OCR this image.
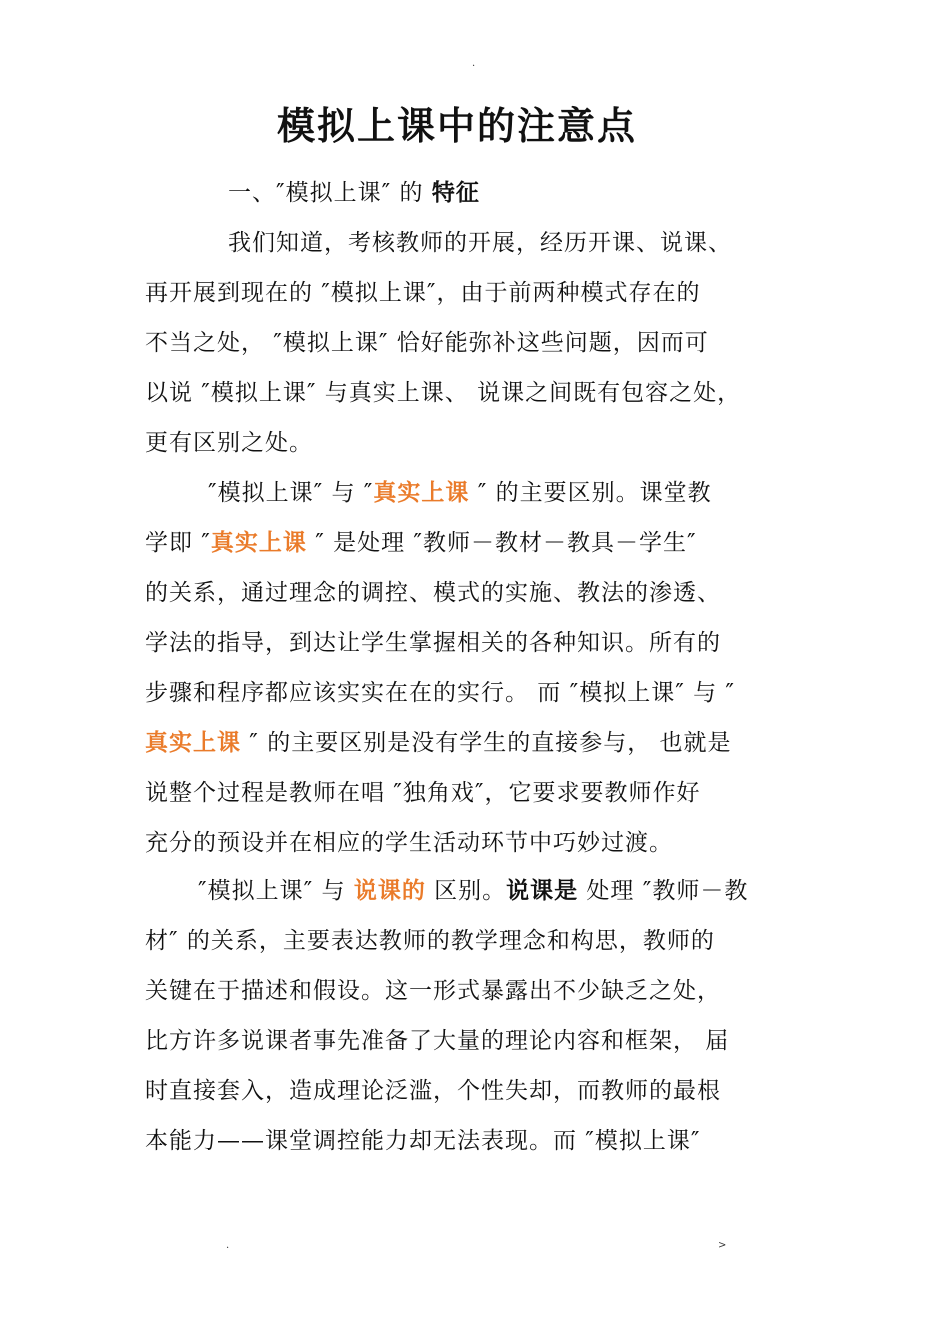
.
模拟上课中的注意点
一、″模拟上课″ 的 特征
我们知道，考核教师的开展，经历开课、说课、
再开展到现在的 ″模拟上课″，由于前两种模式存在的
不当之处， ″模拟上课″ 恰好能弥补这些问题，因而可
以说 ″模拟上课″ 与真实上课、 说课之间既有包容之处，
更有区别之处。
″模拟上课″ 与 ″真实上课 ″ 的主要区别。课堂教
学即 ″真实上课 ″ 是处理 ″教师－教材－教具－学生″
的关系，通过理念的调控、模式的实施、教法的渗透、
学法的指导，到达让学生掌握相关的各种知识。所有的
步骤和程序都应该实实在在的实行。 而 ″模拟上课″ 与 ″
真实上课 ″ 的主要区别是没有学生的直接参与， 也就是
说整个过程是教师在唱 ″独角戏″，它要求要教师作好
充分的预设并在相应的学生活动环节中巧妙过渡。
″模拟上课″ 与 说课的 区别。说课是 处理 ″教师－教
材″ 的关系，主要表达教师的教学理念和构思，教师的
关键在于描述和假设。这一形式暴露出不少缺乏之处，
比方许多说课者事先准备了大量的理论内容和框架， 届
时直接套入，造成理论泛滥，个性失却，而教师的最根
本能力——课堂调控能力却无法表现。而 ″模拟上课″
.	>
